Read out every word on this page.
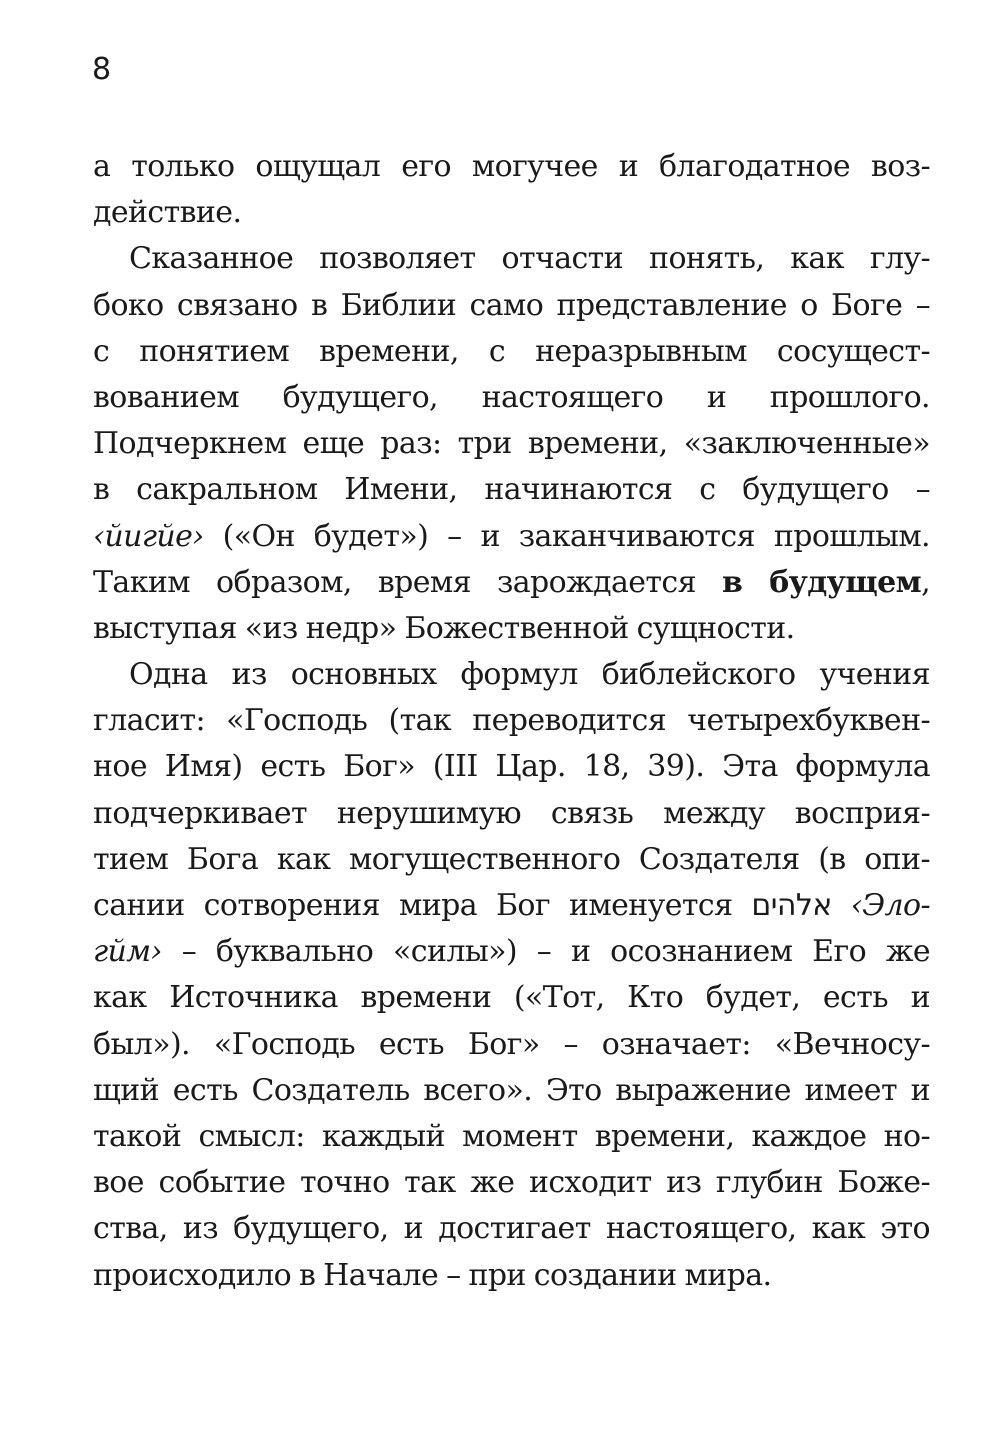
8
а только ощущал его могучее и благодатное воз-
действие.
Сказанное позволяет отчасти понять, как глу-
боко связано в Библии само представление о Боге –
с понятием времени, с неразрывным сосущест-
вованием будущего, настоящего и прошлого.
Подчеркнем еще раз: три времени, «заключенные»
в сакральном Имени, начинаются с будущего –
‹йигйе› («Он будет») – и заканчиваются прошлым.
Таким образом, время зарождается в будущем,
выступая «из недр» Божественной сущности.
Одна из основных формул библейского учения
гласит: «Господь (так переводится четырехбуквен-
ное Имя) есть Бог» (III Цар. 18, 39). Эта формула
подчеркивает нерушимую связь между восприя-
тием Бога как могущественного Создателя (в опи-
сании сотворения мира Бог именуется אלהים ‹Эло-
гйм› – буквально «силы») – и осознанием Его же
как Источника времени («Тот, Кто будет, есть и
был»). «Господь есть Бог» – означает: «Вечносу-
щий есть Создатель всего». Это выражение имеет и
такой смысл: каждый момент времени, каждое но-
вое событие точно так же исходит из глубин Боже-
ства, из будущего, и достигает настоящего, как это
происходило в Начале – при создании мира.
